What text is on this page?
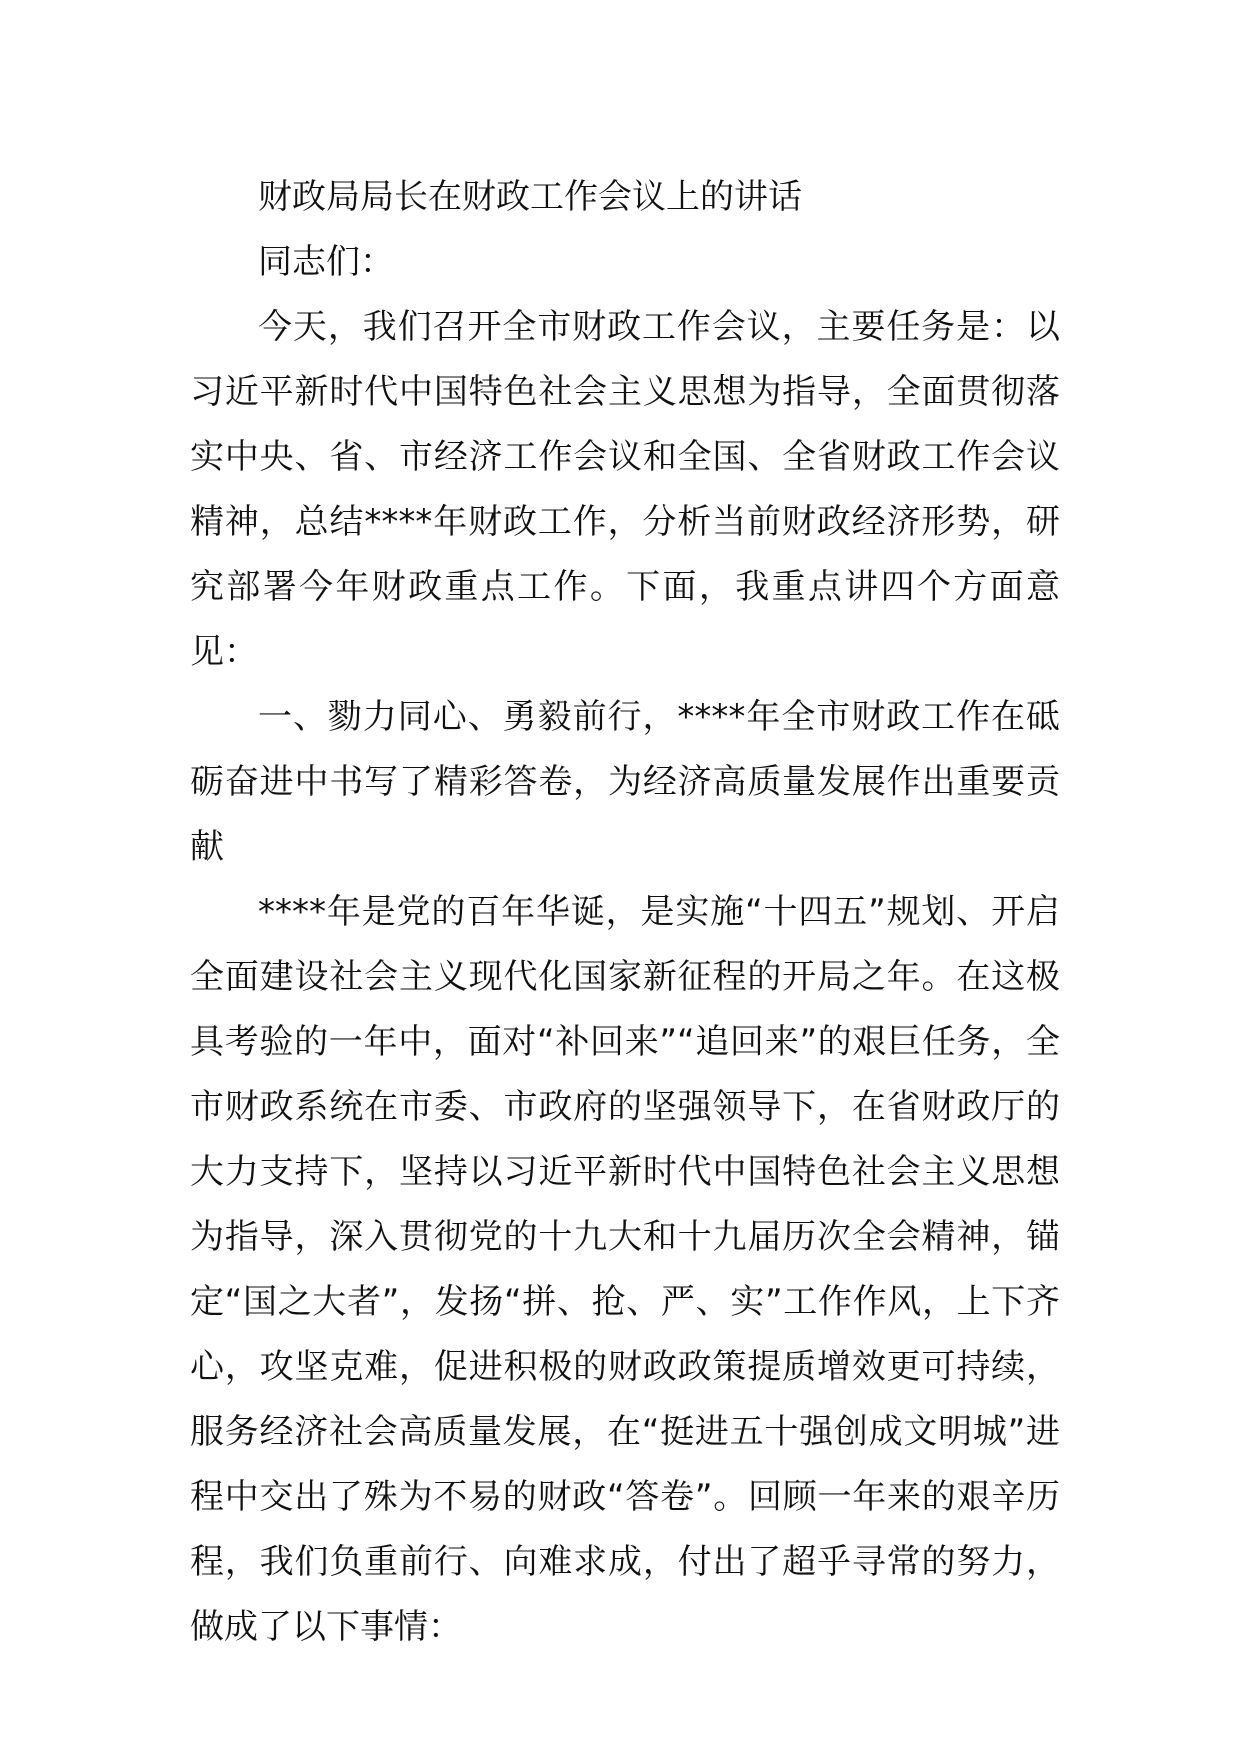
财政局局长在财政工作会议上的讲话

同志们：

今天，我们召开全市财政工作会议，主要任务是：以习近平新时代中国特色社会主义思想为指导，全面贯彻落实中央、省、市经济工作会议和全国、全省财政工作会议精神，总结****年财政工作，分析当前财政经济形势，研究部署今年财政重点工作。下面，我重点讲四个方面意见：

一、勠力同心、勇毅前行，****年全市财政工作在砥砺奋进中书写了精彩答卷，为经济高质量发展作出重要贡献

****年是党的百年华诞，是实施“十四五”规划、开启全面建设社会主义现代化国家新征程的开局之年。在这极具考验的一年中，面对“补回来”“追回来”的艰巨任务，全市财政系统在市委、市政府的坚强领导下，在省财政厅的大力支持下，坚持以习近平新时代中国特色社会主义思想为指导，深入贯彻党的十九大和十九届历次全会精神，锚定“国之大者”，发扬“拼、抢、严、实”工作作风，上下齐心，攻坚克难，促进积极的财政政策提质增效更可持续，服务经济社会高质量发展，在“挺进五十强创成文明城”进程中交出了殊为不易的财政“答卷”。回顾一年来的艰辛历程，我们负重前行、向难求成，付出了超乎寻常的努力，做成了以下事情：
